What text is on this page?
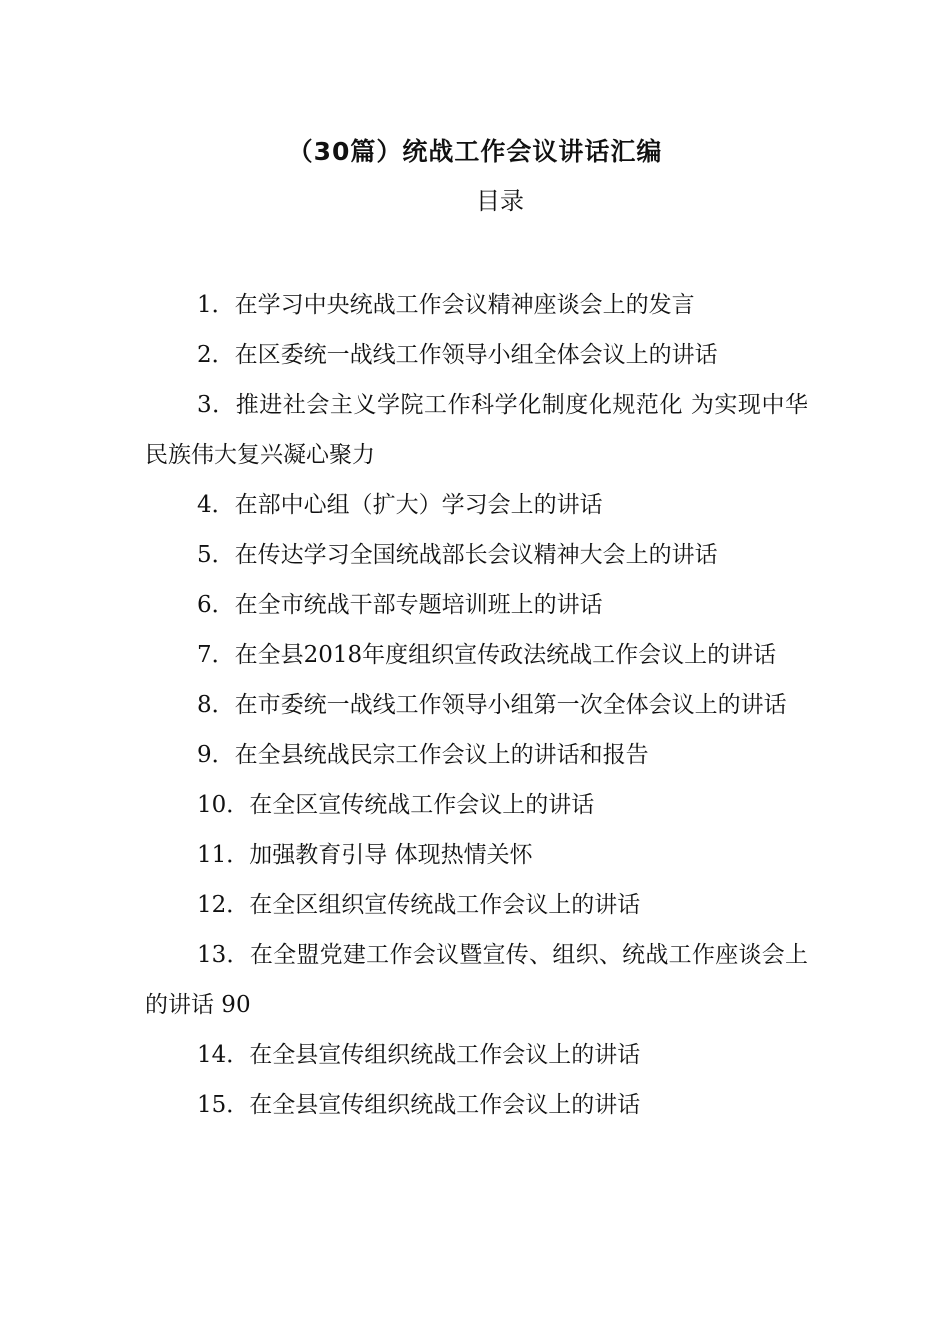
（30篇）统战工作会议讲话汇编
目录
1．在学习中央统战工作会议精神座谈会上的发言
2．在区委统一战线工作领导小组全体会议上的讲话
3．推进社会主义学院工作科学化制度化规范化 为实现中华民族伟大复兴凝心聚力
4．在部中心组（扩大）学习会上的讲话
5．在传达学习全国统战部长会议精神大会上的讲话
6．在全市统战干部专题培训班上的讲话
7．在全县2018年度组织宣传政法统战工作会议上的讲话
8．在市委统一战线工作领导小组第一次全体会议上的讲话
9．在全县统战民宗工作会议上的讲话和报告
10．在全区宣传统战工作会议上的讲话
11．加强教育引导 体现热情关怀
12．在全区组织宣传统战工作会议上的讲话
13．在全盟党建工作会议暨宣传、组织、统战工作座谈会上的讲话 90
14．在全县宣传组织统战工作会议上的讲话
15．在全县宣传组织统战工作会议上的讲话
